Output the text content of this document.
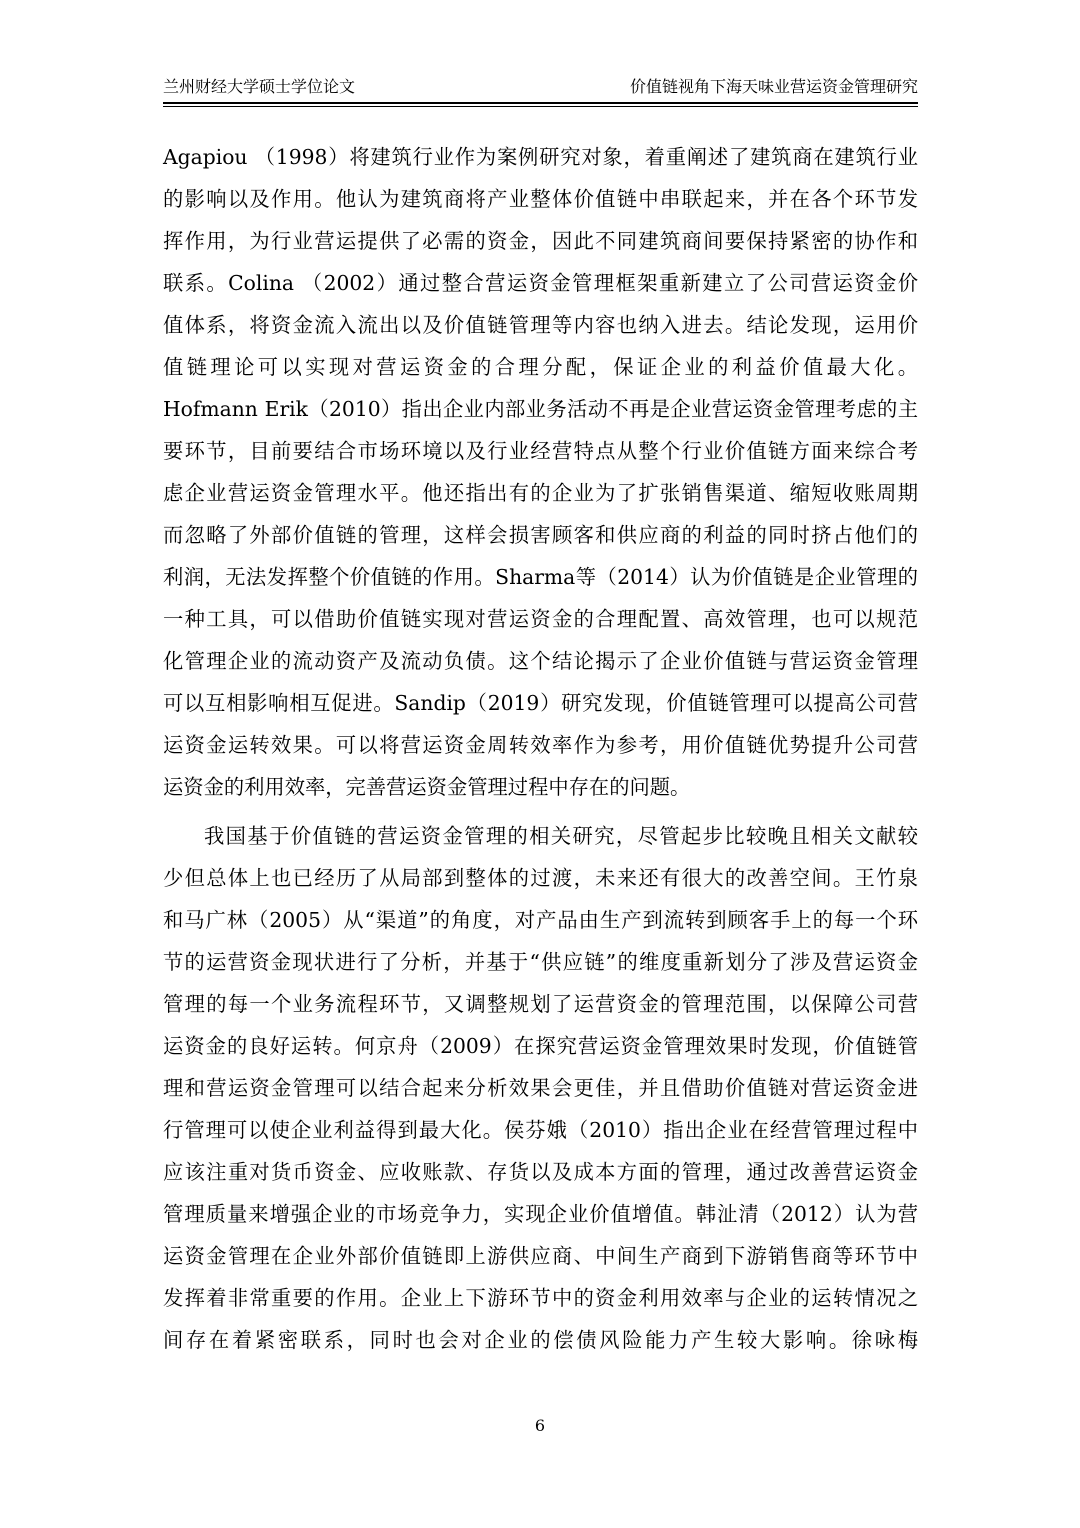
兰州财经大学硕士学位论文	价值链视角下海天味业营运资金管理研究
Agapiou （1998）将建筑行业作为案例研究对象，着重阐述了建筑商在建筑行业
的影响以及作用。他认为建筑商将产业整体价值链中串联起来，并在各个环节发
挥作用，为行业营运提供了必需的资金，因此不同建筑商间要保持紧密的协作和
联系。Colina （2002）通过整合营运资金管理框架重新建立了公司营运资金价
值体系，将资金流入流出以及价值链管理等内容也纳入进去。结论发现，运用价
值链理论可以实现对营运资金的合理分配，保证企业的利益价值最大化。
Hofmann Erik（2010）指出企业内部业务活动不再是企业营运资金管理考虑的主
要环节，目前要结合市场环境以及行业经营特点从整个行业价值链方面来综合考
虑企业营运资金管理水平。他还指出有的企业为了扩张销售渠道、缩短收账周期
而忽略了外部价值链的管理，这样会损害顾客和供应商的利益的同时挤占他们的
利润，无法发挥整个价值链的作用。Sharma等（2014）认为价值链是企业管理的
一种工具，可以借助价值链实现对营运资金的合理配置、高效管理，也可以规范
化管理企业的流动资产及流动负债。这个结论揭示了企业价值链与营运资金管理
可以互相影响相互促进。Sandip（2019）研究发现，价值链管理可以提高公司营
运资金运转效果。可以将营运资金周转效率作为参考，用价值链优势提升公司营
运资金的利用效率，完善营运资金管理过程中存在的问题。
我国基于价值链的营运资金管理的相关研究，尽管起步比较晚且相关文献较
少但总体上也已经历了从局部到整体的过渡，未来还有很大的改善空间。王竹泉
和马广林（2005）从“渠道”的角度，对产品由生产到流转到顾客手上的每一个环
节的运营资金现状进行了分析，并基于“供应链”的维度重新划分了涉及营运资金
管理的每一个业务流程环节，又调整规划了运营资金的管理范围，以保障公司营
运资金的良好运转。何京舟（2009）在探究营运资金管理效果时发现，价值链管
理和营运资金管理可以结合起来分析效果会更佳，并且借助价值链对营运资金进
行管理可以使企业利益得到最大化。侯芬娥（2010）指出企业在经营管理过程中
应该注重对货币资金、应收账款、存货以及成本方面的管理，通过改善营运资金
管理质量来增强企业的市场竞争力，实现企业价值增值。韩沚清（2012）认为营
运资金管理在企业外部价值链即上游供应商、中间生产商到下游销售商等环节中
发挥着非常重要的作用。企业上下游环节中的资金利用效率与企业的运转情况之
间存在着紧密联系，同时也会对企业的偿债风险能力产生较大影响。徐咏梅
6
